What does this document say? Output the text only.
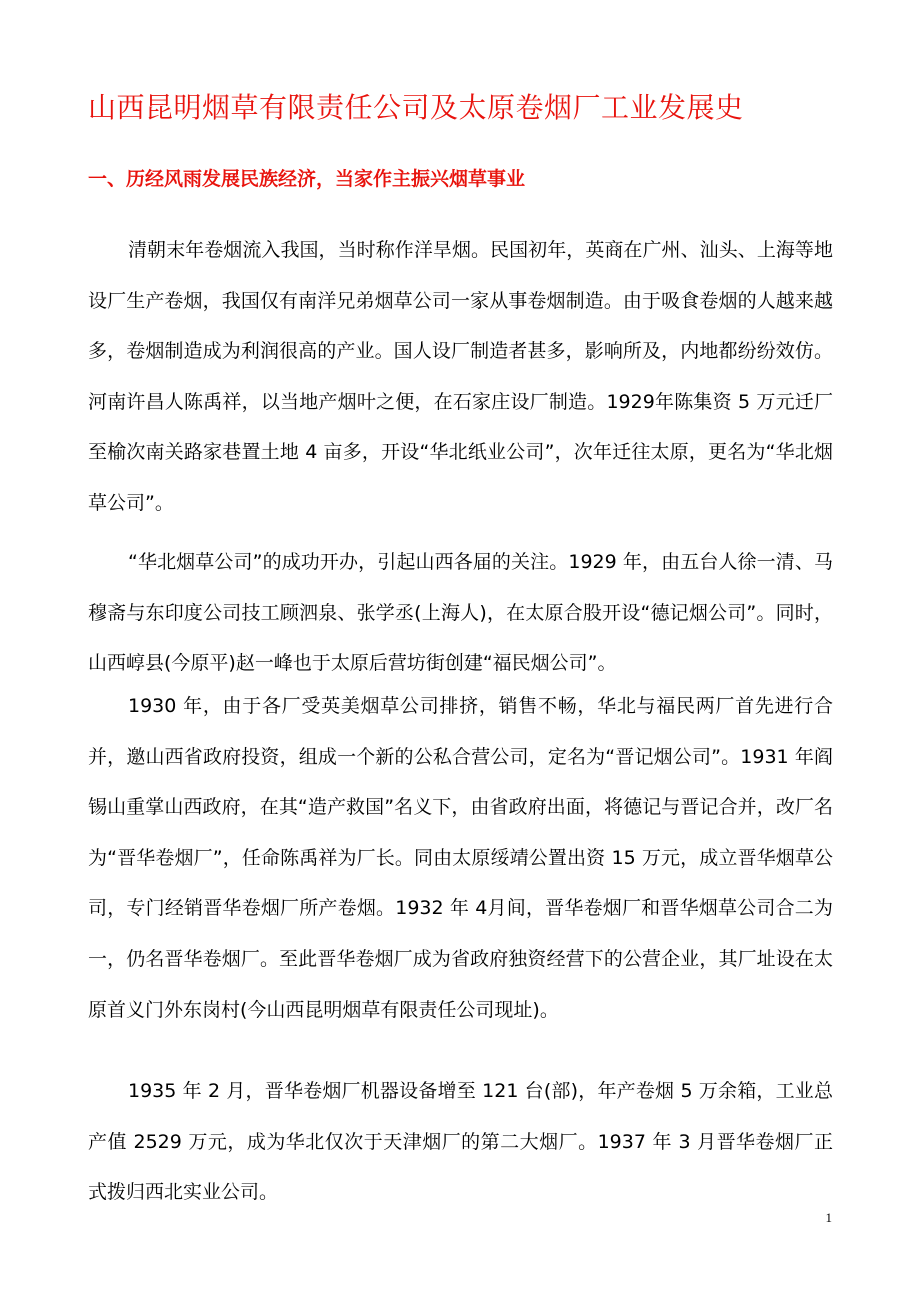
山西昆明烟草有限责任公司及太原卷烟厂工业发展史
一、历经风雨发展民族经济，当家作主振兴烟草事业

清朝末年卷烟流入我国，当时称作洋旱烟。民国初年，英商在广州、汕头、上海等地设厂生产卷烟，我国仅有南洋兄弟烟草公司一家从事卷烟制造。由于吸食卷烟的人越来越多，卷烟制造成为利润很高的产业。国人设厂制造者甚多，影响所及，内地都纷纷效仿。河南许昌人陈禹祥，以当地产烟叶之便，在石家庄设厂制造。1929年陈集资 5 万元迁厂至榆次南关路家巷置土地 4 亩多，开设“华北纸业公司”，次年迁往太原，更名为“华北烟草公司”。

“华北烟草公司”的成功开办，引起山西各届的关注。1929 年，由五台人徐一清、马穆斋与东印度公司技工顾泗泉、张学丞(上海人)，在太原合股开设“德记烟公司”。同时，山西崞县(今原平)赵一峰也于太原后营坊街创建“福民烟公司”。

1930 年，由于各厂受英美烟草公司排挤，销售不畅，华北与福民两厂首先进行合并，邀山西省政府投资，组成一个新的公私合营公司，定名为“晋记烟公司”。1931 年阎锡山重掌山西政府，在其“造产救国”名义下，由省政府出面，将德记与晋记合并，改厂名为“晋华卷烟厂”，任命陈禹祥为厂长。同由太原绥靖公置出资 15 万元，成立晋华烟草公司，专门经销晋华卷烟厂所产卷烟。1932 年 4月间，晋华卷烟厂和晋华烟草公司合二为一，仍名晋华卷烟厂。至此晋华卷烟厂成为省政府独资经营下的公营企业，其厂址设在太原首义门外东岗村(今山西昆明烟草有限责任公司现址)。

1935 年 2 月，晋华卷烟厂机器设备增至 121 台(部)，年产卷烟 5 万余箱，工业总产值 2529 万元，成为华北仅次于天津烟厂的第二大烟厂。1937 年 3 月晋华卷烟厂正式拨归西北实业公司。

1
